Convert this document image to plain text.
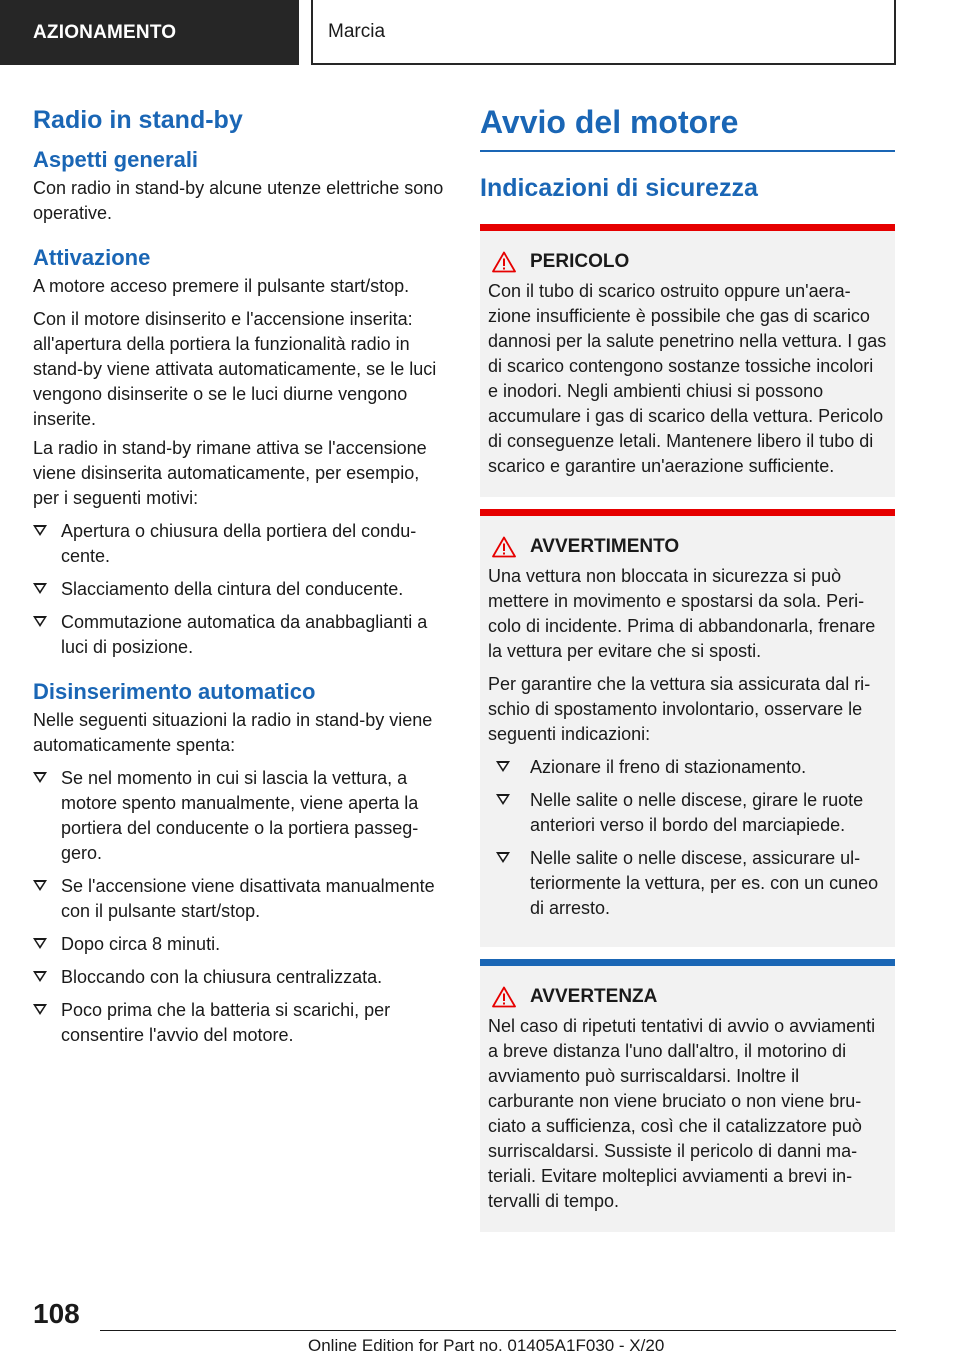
AZIONAMENTO	Marcia
Radio in stand-by
Aspetti generali

Con radio in stand-by alcune utenze elettriche sono operative.

Attivazione

A motore acceso premere il pulsante start/stop.

Con il motore disinserito e l'accensione inserita: all'apertura della portiera la funzionalità radio in stand-by viene attivata automaticamente, se le luci vengono disinserite o se le luci diurne vengono inserite.

La radio in stand-by rimane attiva se l'accensione viene disinserita automaticamente, per esempio, per i seguenti motivi:

Apertura o chiusura della portiera del conducente.
Slacciamento della cintura del conducente.
Commutazione automatica da anabbaglianti a luci di posizione.
Disinserimento automatico

Nelle seguenti situazioni la radio in stand-by viene automaticamente spenta:

Se nel momento in cui si lascia la vettura, a motore spento manualmente, viene aperta la portiera del conducente o la portiera passeggero.
Se l'accensione viene disattivata manualmente con il pulsante start/stop.
Dopo circa 8 minuti.
Bloccando con la chiusura centralizzata.
Poco prima che la batteria si scarichi, per consentire l'avvio del motore.
Avvio del motore
Indicazioni di sicurezza
PERICOLO

Con il tubo di scarico ostruito oppure un'aerazione insufficiente è possibile che gas di scarico dannosi per la salute penetrino nella vettura. I gas di scarico contengono sostanze tossiche incolori e inodori. Negli ambienti chiusi si possono accumulare i gas di scarico della vettura. Pericolo di conseguenze letali. Mantenere libero il tubo di scarico e garantire un'aerazione sufficiente.

AVVERTIMENTO

Una vettura non bloccata in sicurezza si può mettere in movimento e spostarsi da sola. Pericolo di incidente. Prima di abbandonarla, frenare la vettura per evitare che si sposti.

Per garantire che la vettura sia assicurata dal rischio di spostamento involontario, osservare le seguenti indicazioni:

Azionare il freno di stazionamento.
Nelle salite o nelle discese, girare le ruote anteriori verso il bordo del marciapiede.
Nelle salite o nelle discese, assicurare ulteriormente la vettura, per es. con un cuneo di arresto.
AVVERTENZA

Nel caso di ripetuti tentativi di avvio o avviamenti a breve distanza l'uno dall'altro, il motorino di avviamento può surriscaldarsi. Inoltre il carburante non viene bruciato o non viene bruciato a sufficienza, così che il catalizzatore può surriscaldarsi. Sussiste il pericolo di danni materiali. Evitare molteplici avviamenti a brevi intervalli di tempo.

108
Online Edition for Part no. 01405A1F030 - X/20
